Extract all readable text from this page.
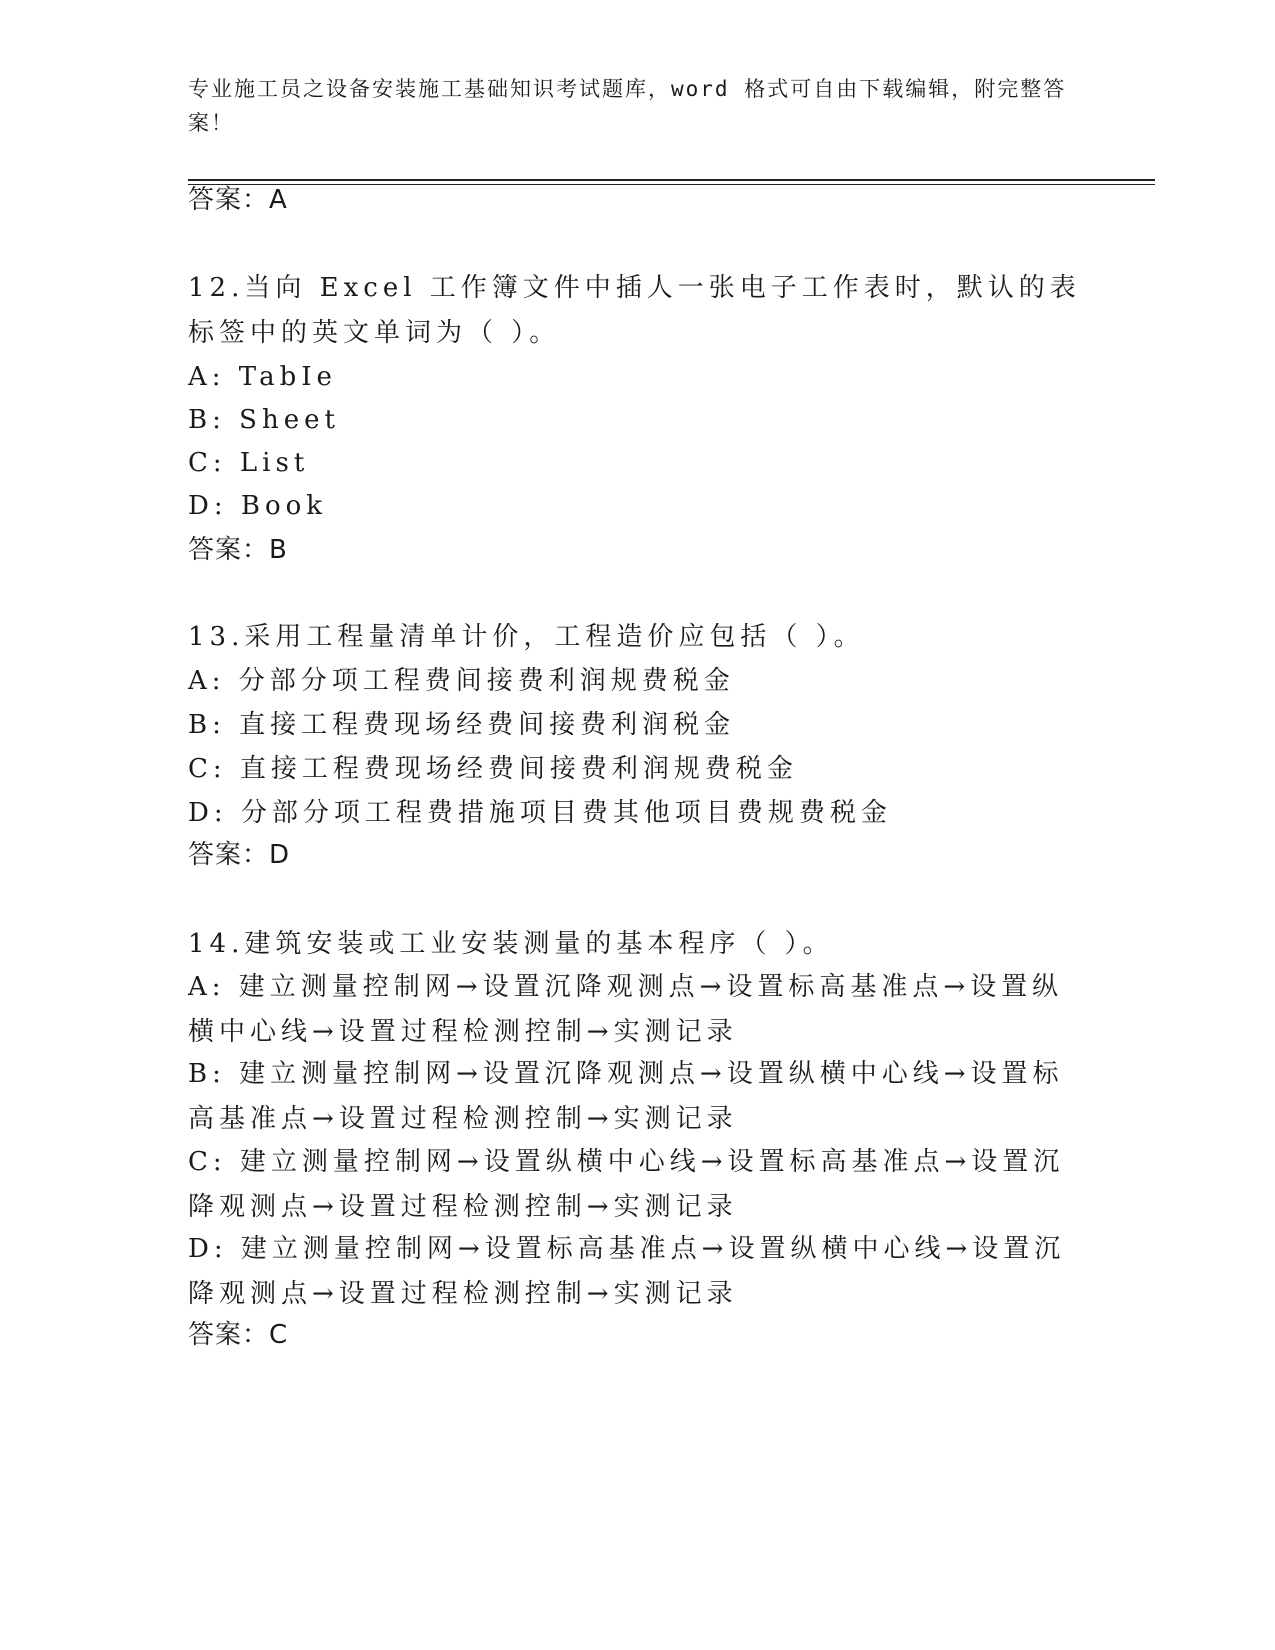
专业施工员之设备安装施工基础知识考试题库，word 格式可自由下载编辑，附完整答案！
答案：A
12.当向 Excel 工作簿文件中插人一张电子工作表时，默认的表标签中的英文单词为（ ）。
A: TabIe
B: Sheet
C: List
D: Book
答案：B
13.采用工程量清单计价，工程造价应包括（ ）。
A: 分部分项工程费间接费利润规费税金
B: 直接工程费现场经费间接费利润税金
C: 直接工程费现场经费间接费利润规费税金
D: 分部分项工程费措施项目费其他项目费规费税金
答案：D
14.建筑安装或工业安装测量的基本程序（ ）。
A: 建立测量控制网→设置沉降观测点→设置标高基准点→设置纵横中心线→设置过程检测控制→实测记录
B: 建立测量控制网→设置沉降观测点→设置纵横中心线→设置标高基准点→设置过程检测控制→实测记录
C: 建立测量控制网→设置纵横中心线→设置标高基准点→设置沉降观测点→设置过程检测控制→实测记录
D: 建立测量控制网→设置标高基准点→设置纵横中心线→设置沉降观测点→设置过程检测控制→实测记录
答案：C
